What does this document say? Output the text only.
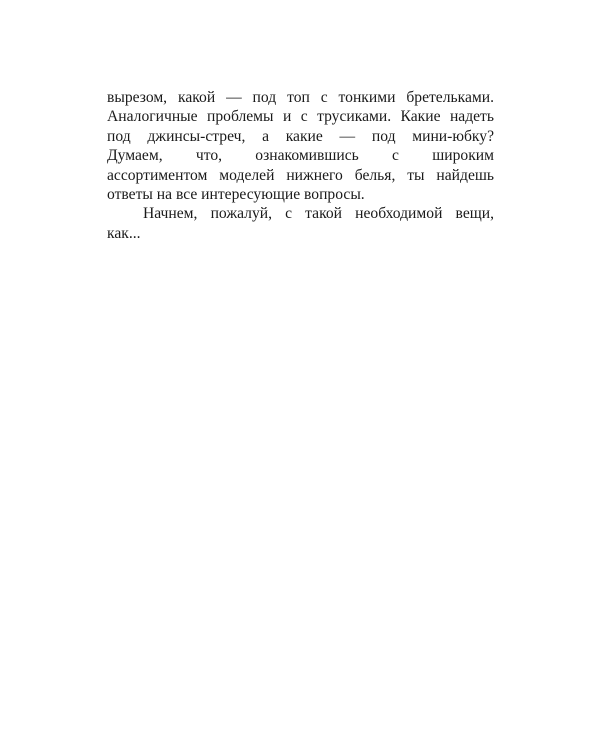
вырезом, какой — под топ с тонкими бретельками.
Аналогичные проблемы и с трусиками. Какие надеть
под джинсы-стреч, а какие — под мини-юбку?
Думаем, что, ознакомившись с широким
ассортиментом моделей нижнего белья, ты найдешь
ответы на все интересующие вопросы.
Начнем, пожалуй, с такой необходимой вещи,
как...
